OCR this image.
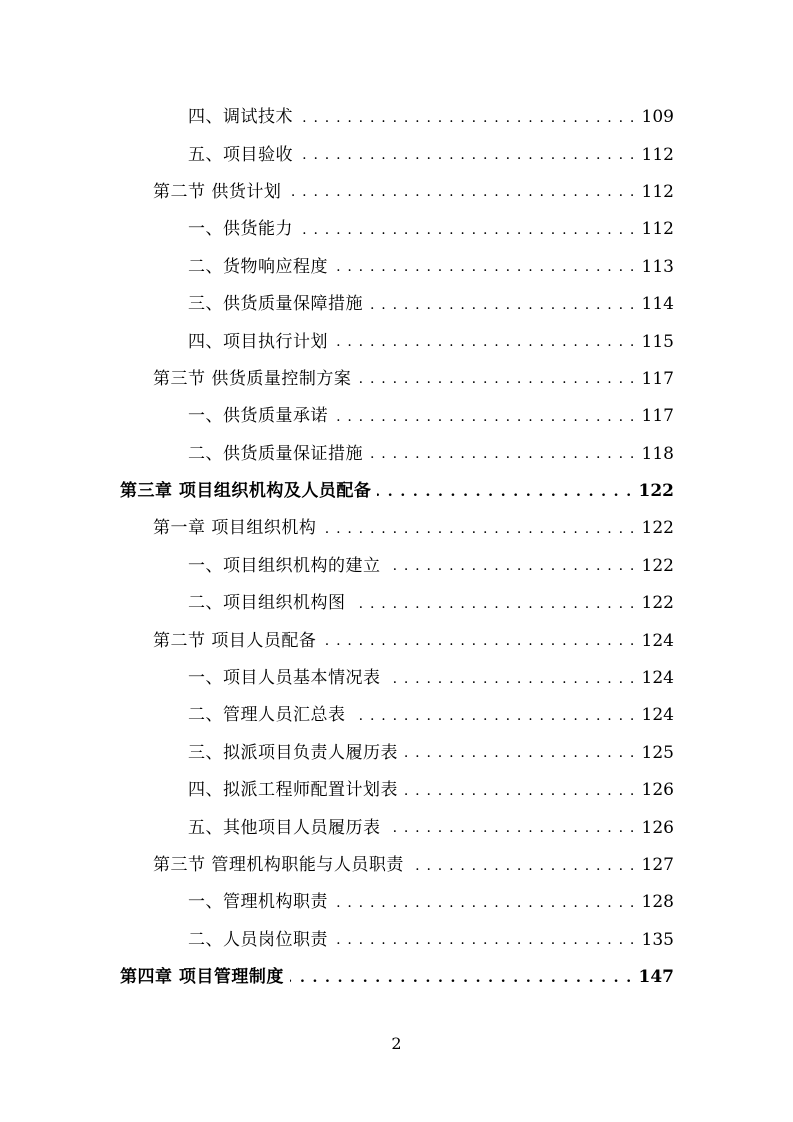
四、调试技术 . . .	109
五、项目验收 . . .	112
第二节 供货计划 . . .	112
一、供货能力 . . .	112
二、货物响应程度 . . .	113
三、供货质量保障措施 . . .	114
四、项目执行计划 . . .	115
第三节 供货质量控制方案 . . .	117
一、供货质量承诺 . . .	117
二、供货质量保证措施 . . .	118
第三章 项目组织机构及人员配备 . . .	122
第一章 项目组织机构 . . .	122
一、项目组织机构的建立 . . .	122
二、项目组织机构图 . . .	122
第二节 项目人员配备 . . .	124
一、项目人员基本情况表 . . .	124
二、管理人员汇总表 . . .	124
三、拟派项目负责人履历表 . . .	125
四、拟派工程师配置计划表 . . .	126
五、其他项目人员履历表 . . .	126
第三节 管理机构职能与人员职责 . . .	127
一、管理机构职责 . . .	128
二、人员岗位职责 . . .	135
第四章 项目管理制度 . . .	147
2
